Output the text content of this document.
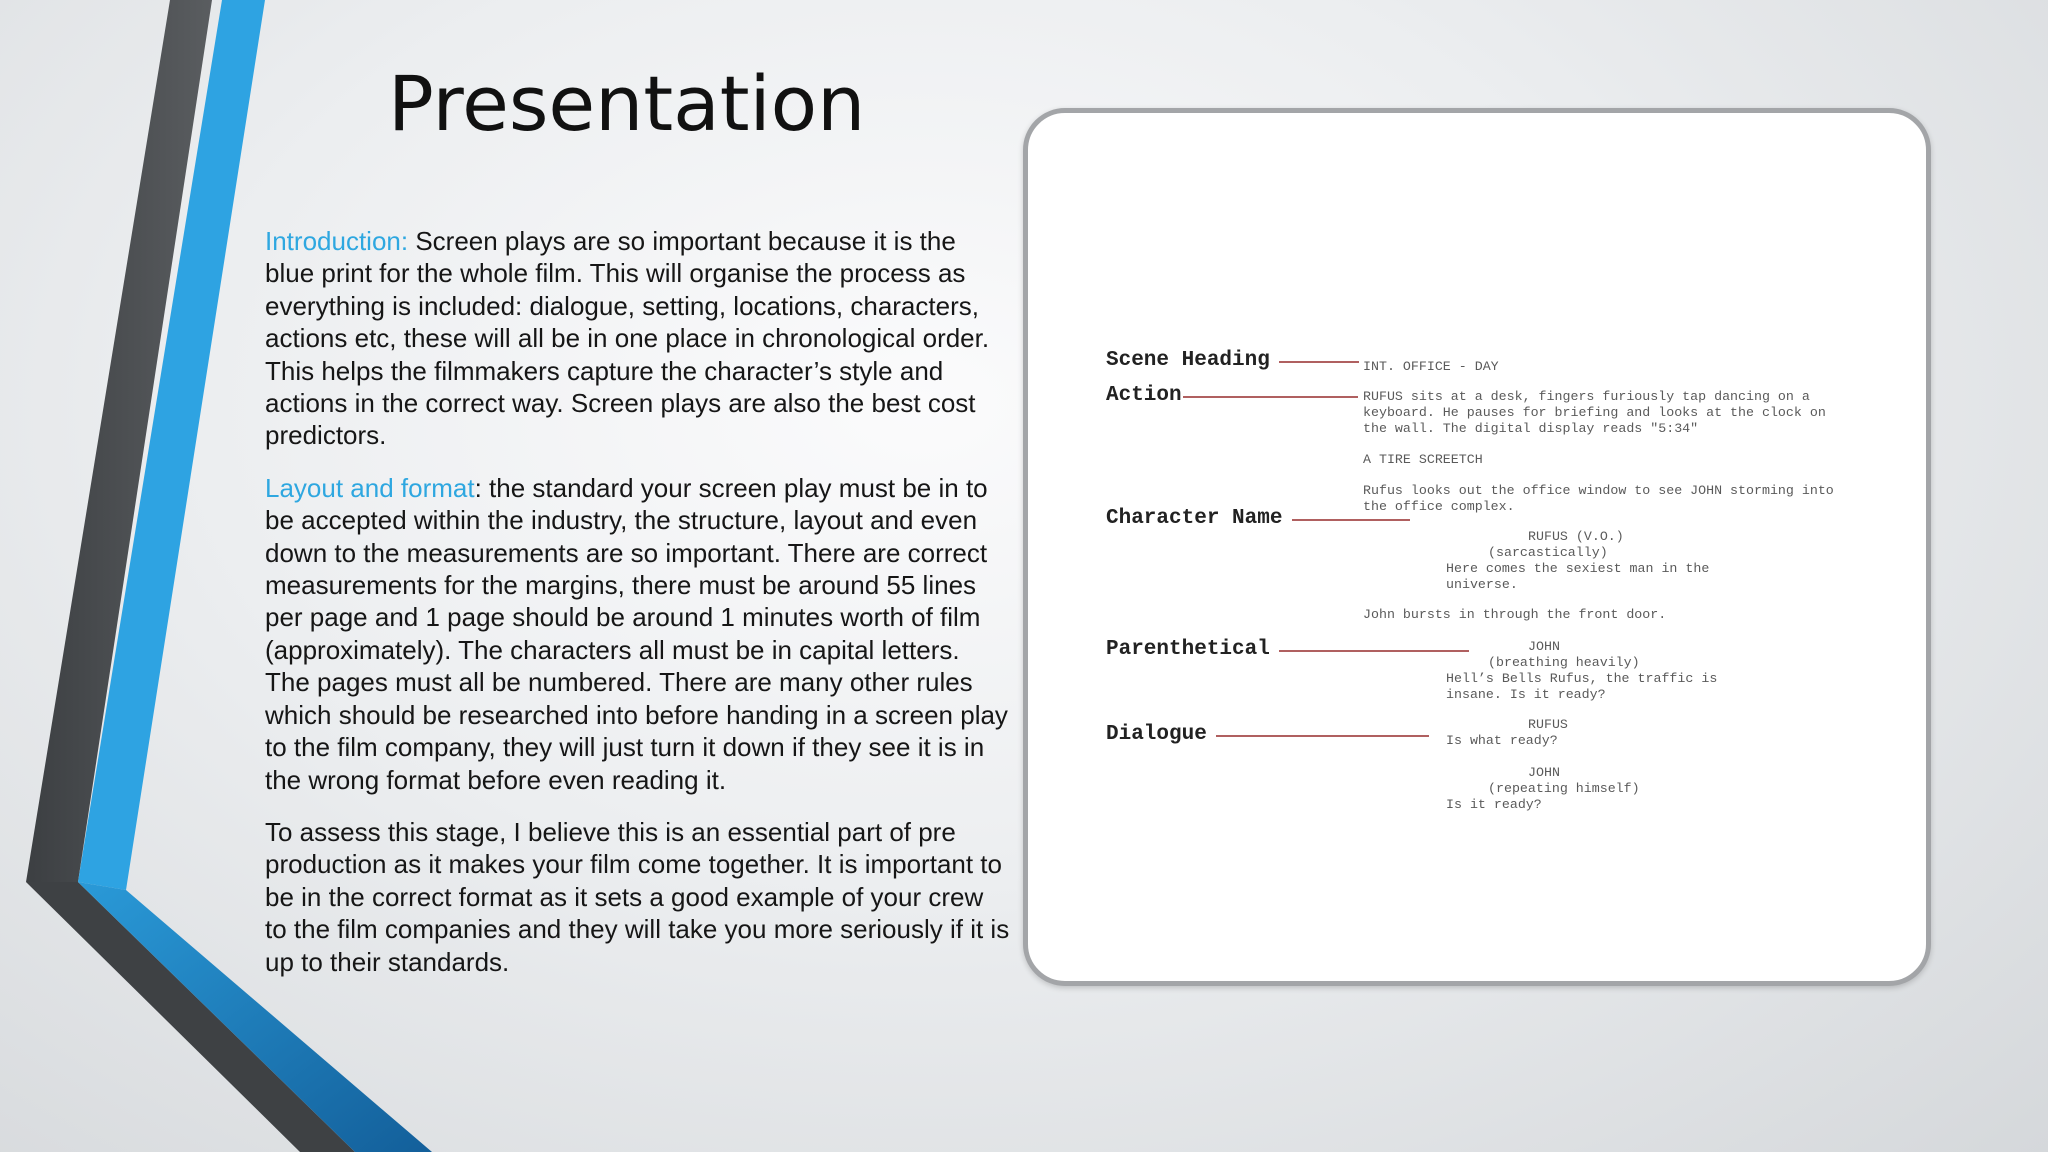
Presentation

Introduction: Screen plays are so important because it is the blue print for the whole film. This will organise the process as everything is included: dialogue, setting, locations, characters, actions etc, these will all be in one place in chronological order. This helps the filmmakers capture the character’s style and actions in the correct way. Screen plays are also the best cost predictors.

Layout and format: the standard your screen play must be in to be accepted within the industry, the structure, layout and even down to the measurements are so important. There are correct measurements for the margins, there must be around 55 lines per page and 1 page should be around 1 minutes worth of film (approximately). The characters all must be in capital letters. The pages must all be numbered. There are many other rules which should be researched into before handing in a screen play to the film company, they will just turn it down if they see it is in the wrong format before even reading it.

To assess this stage, I believe this is an essential part of pre production as it makes your film come together. It is important to be in the correct format as it sets a good example of your crew to the film companies and they will take you more seriously if it is up to their standards.

Scene Heading
Action
Character Name
Parenthetical
Dialogue
INT. OFFICE - DAY
RUFUS sits at a desk, fingers furiously tap dancing on a
keyboard. He pauses for briefing and looks at the clock on
the wall. The digital display reads "5:34"
A TIRE SCREETCH
Rufus looks out the office window to see JOHN storming into
the office complex.
RUFUS (V.O.)
(sarcastically)
Here comes the sexiest man in the
universe.
John bursts in through the front door.
JOHN
(breathing heavily)
Hell’s Bells Rufus, the traffic is
insane. Is it ready?
RUFUS
Is what ready?
JOHN
(repeating himself)
Is it ready?
